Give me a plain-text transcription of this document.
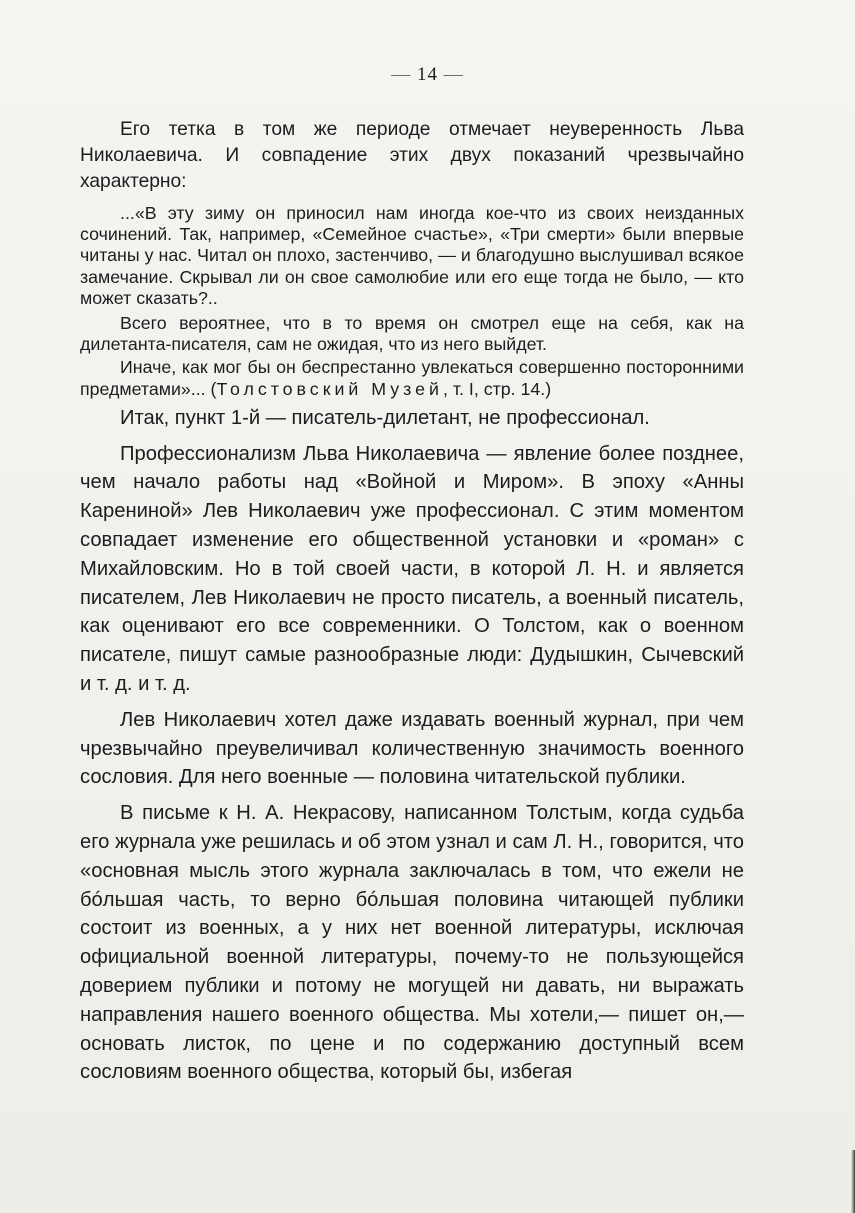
— 14 —

Его тетка в том же периоде отмечает неуверенность Льва Николаевича. И совпадение этих двух показаний чрезвычайно характерно:

...«В эту зиму он приносил нам иногда кое-что из своих неизданных сочинений. Так, например, «Семейное счастье», «Три смерти» были впервые читаны у нас. Читал он плохо, застенчиво, — и благодушно выслушивал всякое замечание. Скрывал ли он свое самолюбие или его еще тогда не было, — кто может сказать?..

Всего вероятнее, что в то время он смотрел еще на себя, как на дилетанта-писателя, сам не ожидая, что из него выйдет.

Иначе, как мог бы он беспрестанно увлекаться совершенно посторонними предметами»... (Толстовский Музей, т. I, стр. 14.)

Итак, пункт 1-й — писатель-дилетант, не профессионал.

Профессионализм Льва Николаевича — явление более позднее, чем начало работы над «Войной и Миром». В эпоху «Анны Карениной» Лев Николаевич уже профессионал. С этим моментом совпадает изменение его общественной установки и «роман» с Михайловским. Но в той своей части, в которой Л. Н. и является писателем, Лев Николаевич не просто писатель, а военный писатель, как оценивают его все современники. О Толстом, как о военном писателе, пишут самые разнообразные люди: Дудышкин, Сычевский и т. д. и т. д.

Лев Николаевич хотел даже издавать военный журнал, при чем чрезвычайно преувеличивал количественную значимость военного сословия. Для него военные — половина читательской публики.

В письме к Н. А. Некрасову, написанном Толстым, когда судьба его журнала уже решилась и об этом узнал и сам Л. Н., говорится, что «основная мысль этого журнала заключалась в том, что ежели не бóльшая часть, то верно бóльшая половина читающей публики состоит из военных, а у них нет военной литературы, исключая официальной военной литературы, почему-то не пользующейся доверием публики и потому не могущей ни давать, ни выражать направления нашего военного общества. Мы хотели,— пишет он,— основать листок, по цене и по содержанию доступный всем сословиям военного общества, который бы, избегая
